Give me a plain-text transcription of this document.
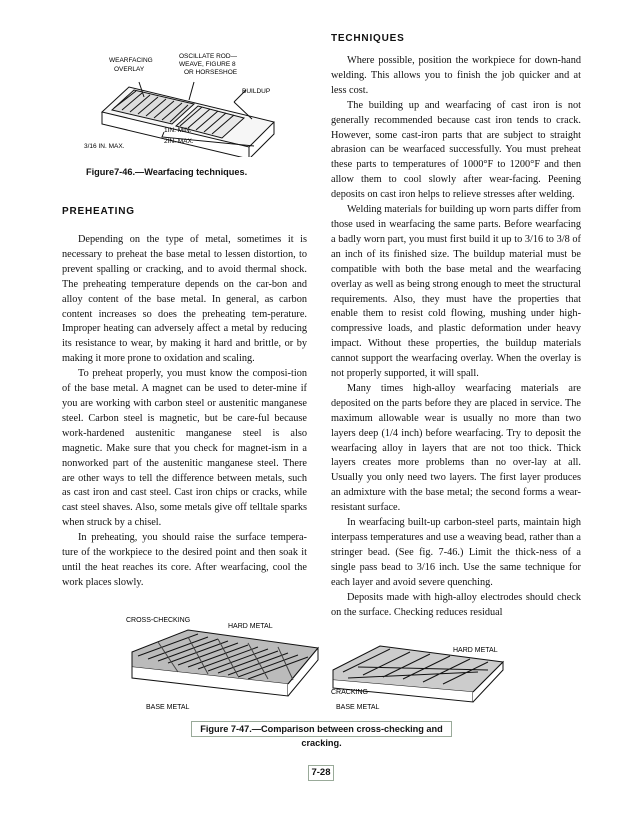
WEARFACING
OVERLAY
OSCILLATE ROD—
WEAVE, FIGURE 8
OR HORSESHOE
BUILDUP
1IN. MIN.
2IN. MAX.
3/16 IN. MAX.
Figure7-46.—Wearfacing techniques.
PREHEATING

Depending on the type of metal, sometimes it is necessary to preheat the base metal to lessen distortion, to prevent spalling or cracking, and to avoid thermal shock. The preheating temperature depends on the car-bon and alloy content of the base metal. In general, as carbon content increases so does the preheating tem-perature. Improper heating can adversely affect a metal by reducing its resistance to wear, by making it hard and brittle, or by making it more prone to oxidation and scaling.

To preheat properly, you must know the composi-tion of the base metal. A magnet can be used to deter-mine if you are working with carbon steel or austenitic manganese steel. Carbon steel is magnetic, but be care-ful because work-hardened austenitic manganese steel is also magnetic. Make sure that you check for magnet-ism in a nonworked part of the austenitic manganese steel. There are other ways to tell the difference between metals, such as cast iron and cast steel. Cast iron chips or cracks, while cast steel shaves. Also, some metals give off telltale sparks when struck by a chisel.

In preheating, you should raise the surface tempera-ture of the workpiece to the desired point and then soak it until the heat reaches its core. After wearfacing, cool the work places slowly.

TECHNIQUES

Where possible, position the workpiece for down-hand welding. This allows you to finish the job quicker and at less cost.

The building up and wearfacing of cast iron is not generally recommended because cast iron tends to crack. However, some cast-iron parts that are subject to straight abrasion can be wearfaced successfully. You must preheat these parts to temperatures of 1000°F to 1200°F and then allow them to cool slowly after wear-facing. Peening deposits on cast iron helps to relieve stresses after welding.

Welding materials for building up worn parts differ from those used in wearfacing the same parts. Before wearfacing a badly worn part, you must first build it up to 3/16 to 3/8 of an inch of its finished size. The buildup material must be compatible with both the base metal and the wearfacing overlay as well as being strong enough to meet the structural requirements. Also, they must have the properties that enable them to resist cold flowing, mushing under high-compressive loads, and plastic deformation under heavy impact. Without these properties, the buildup materials cannot support the wearfacing overlay. When the overlay is not properly supported, it will spall.

Many times high-alloy wearfacing materials are deposited on the parts before they are placed in service. The maximum allowable wear is usually no more than two layers deep (1/4 inch) before wearfacing. Try to deposit the wearfacing alloy in layers that are not too thick. Thick layers creates more problems than no over-lay at all. Usually you only need two layers. The first layer produces an admixture with the base metal; the second forms a wear-resistant surface.

In wearfacing built-up carbon-steel parts, maintain high interpass temperatures and use a weaving bead, rather than a stringer bead. (See fig. 7-46.) Limit the thick-ness of a single pass bead to 3/16 inch. Use the same technique for each layer and avoid severe quenching.

Deposits made with high-alloy electrodes should check on the surface. Checking reduces residual

CROSS-CHECKING
HARD METAL
BASE METAL
HARD METAL
CRACKING
BASE METAL
Figure 7-47.—Comparison between cross-checking and cracking.
7-28
